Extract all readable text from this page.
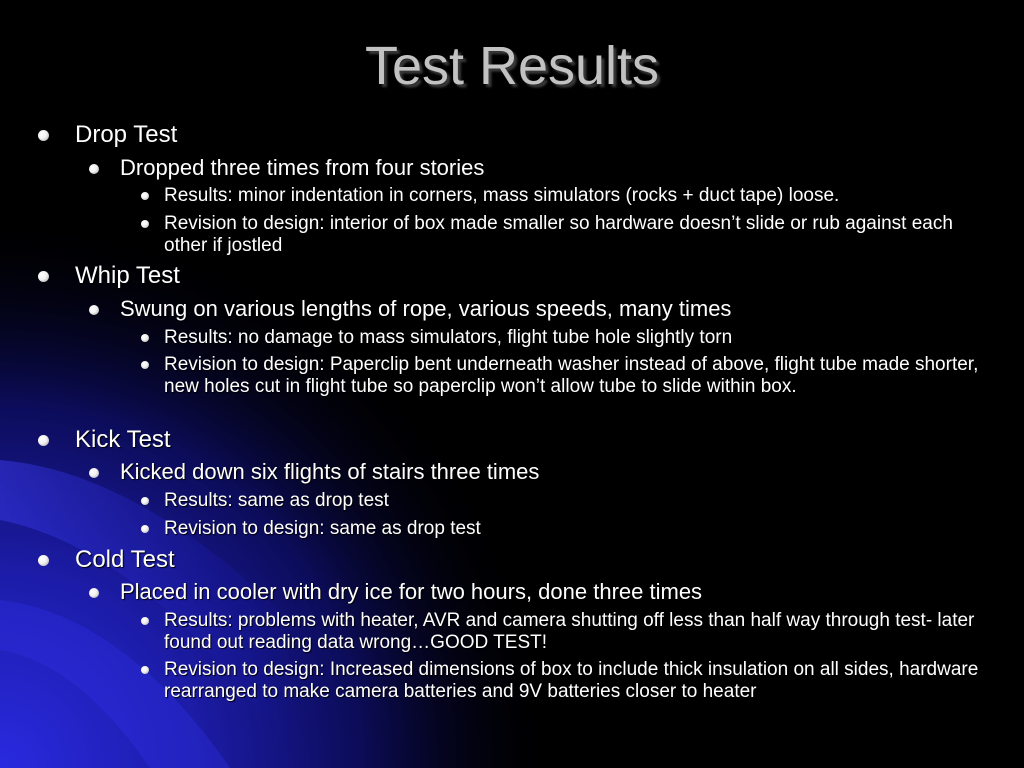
Test Results
Drop Test
Dropped three times from four stories
Results: minor indentation in corners, mass simulators (rocks + duct tape) loose.
Revision to design: interior of box made smaller so hardware doesn’t slide or rub against each other if jostled
Whip Test
Swung on various lengths of rope, various speeds, many times
Results: no damage to mass simulators, flight tube hole slightly torn
Revision to design: Paperclip bent underneath washer instead of above, flight tube made shorter, new holes cut in flight tube so paperclip won’t allow tube to slide within box.
Kick Test
Kicked down six flights of stairs three times
Results: same as drop test
Revision to design: same as drop test
Cold Test
Placed in cooler with dry ice for two hours, done three times
Results: problems with heater, AVR and camera shutting off less than half way through test- later found out reading data wrong…GOOD TEST!
Revision to design: Increased dimensions of box to include thick insulation on all sides, hardware rearranged to make camera batteries and 9V batteries closer to heater
